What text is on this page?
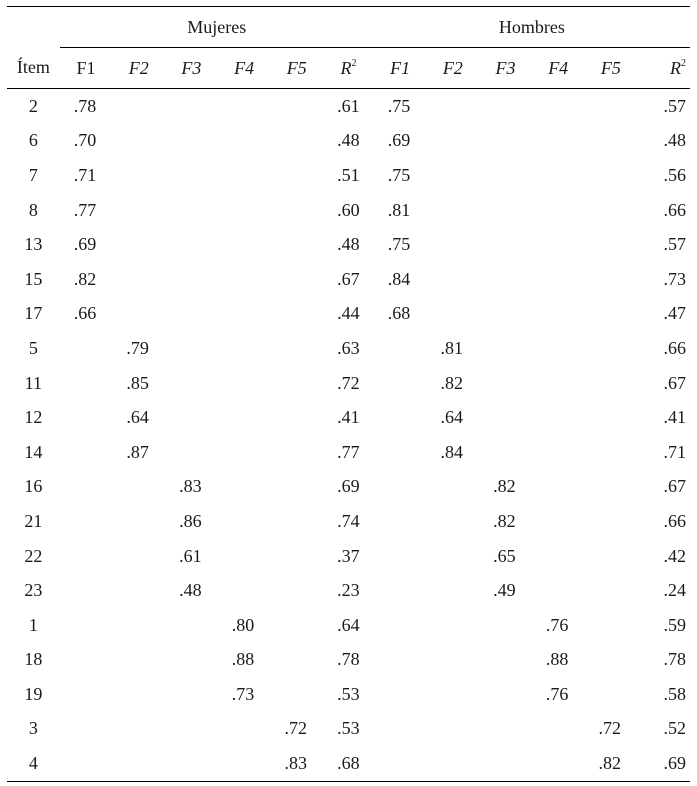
	Mujeres						Hombres					
Ítem	F1	F2	F3	F4	F5	$R^2$	F1	F2	F3	F4	F5	$R^2$
2	.78					.61	.75					.57
6	.70					.48	.69					.48
7	.71					.51	.75					.56
8	.77					.60	.81					.66
13	.69					.48	.75					.57
15	.82					.67	.84					.73
17	.66					.44	.68					.47
5		.79				.63		.81				.66
11		.85				.72		.82				.67
12		.64				.41		.64				.41
14		.87				.77		.84				.71
16			.83			.69			.82			.67
21			.86			.74			.82			.66
22			.61			.37			.65			.42
23			.48			.23			.49			.24
1				.80		.64				.76		.59
18				.88		.78				.88		.78
19				.73		.53				.76		.58
3					.72	.53					.72	.52
4					.83	.68					.82	.69
